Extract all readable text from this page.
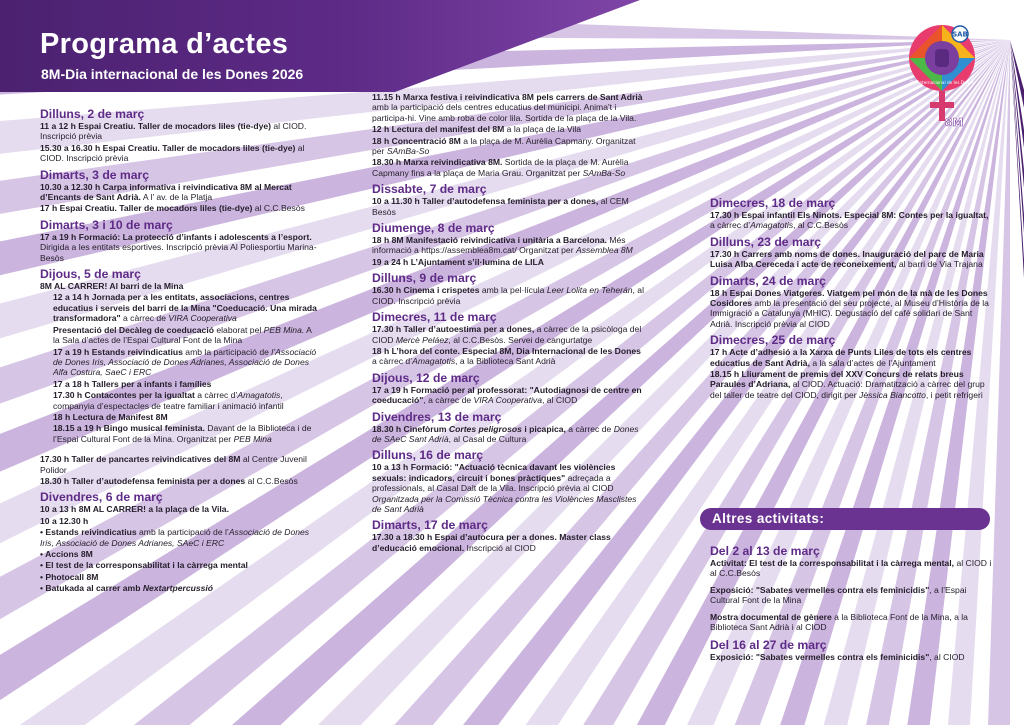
Programa d’actes
8M-Dia internacional de les Dones 2026
SAB
Dia internacional de les Dones
8M
Dilluns, 2 de març
11 a 12 h Espai Creatiu. Taller de mocadors liles (tie-dye) al CIOD. Inscripció prèvia
15.30 a 16.30 h Espai Creatiu. Taller de mocadors liles (tie-dye) al CIOD. Inscripció prèvia
Dimarts, 3 de març
10.30 a 12.30 h Carpa informativa i reivindicativa 8M al Mercat d’Encants de Sant Adrià. A l’ av. de la Platja
17 h Espai Creatiu. Taller de mocadors liles (tie-dye) al C.C.Besòs
Dimarts, 3 i 10 de març
17 a 19 h Formació: La protecció d’infants i adolescents a l’esport. Dirigida a les entitats esportives. Inscripció prèvia Al Poliesportiu Marina-Besòs
Dijous, 5 de març
8M AL CARRER! Al barri de la Mina
12 a 14 h Jornada per a les entitats, associacions, centres educatius i serveis del barri de la Mina "Coeducació. Una mirada transformadora" a càrrec de VIRA Cooperativa
Presentació del Decàleg de coeducació elaborat pel PEB Mina. A la Sala d’actes de l’Espai Cultural Font de la Mina
17 a 19 h Estands reivindicatius amb la participació de l’Associació de Dones Iris, Associació de Dones Adrianes, Associació de Dones Alfa Costura, SaeC i ERC
17 a 18 h Tallers per a infants i famílies
17.30 h Contacontes per la igualtat a càrrec d’Amagatotis, companyia d’espectacles de teatre familiar i animació infantil
18 h Lectura de Manifest 8M
18.15 a 19 h Bingo musical feminista. Davant de la Biblioteca i de l’Espai Cultural Font de la Mina. Organitzat per PEB Mina
17.30 h Taller de pancartes reivindicatives del 8M al Centre Juvenil Polidor
18.30 h Taller d’autodefensa feminista per a dones al C.C.Besòs
Divendres, 6 de març
10 a 13 h 8M AL CARRER! a la plaça de la Vila.
10 a 12.30 h
• Estands reivindicatius amb la participació de l’Associació de Dones Iris, Associació de Dones Adrianes, SAeC i ERC
• Accions 8M
• El test de la corresponsabilitat i la càrrega mental
• Photocall 8M
• Batukada al carrer amb Nextartpercussió
11.15 h Marxa festiva i reivindicativa 8M pels carrers de Sant Adrià amb la participació dels centres educatius del municipi. Anima't i participa-hi. Vine amb roba de color lila. Sortida de la plaça de la Vila.
12 h Lectura del manifest del 8M a la plaça de la Vila
18 h Concentració 8M a la plaça de M. Aurèlia Capmany. Organitzat per SAmBa-So
18.30 h Marxa reivindicativa 8M. Sortida de la plaça de M. Aurèlia Capmany fins a la plaça de Maria Grau. Organitzat per SAmBa-So
Dissabte, 7 de març
10 a 11.30 h Taller d’autodefensa feminista per a dones, al CEM Besòs
Diumenge, 8 de març
18 h 8M Manifestació reivindicativa i unitària a Barcelona. Més informació a https://assemblea8m.cat/ Organitzat per Assemblea 8M
19 a 24 h L’Ajuntament s’il·lumina de LILA
Dilluns, 9 de març
16.30 h Cinema i crispetes amb la pel·lícula Leer Lolita en Teherán, al CIOD. Inscripció prèvia
Dimecres, 11 de març
17.30 h Taller d’autoestima per a dones, a càrrec de la psicòloga del CIOD Mercè Peláez, al C.C.Besòs. Servei de cangurtatge
18 h L’hora del conte. Especial 8M, Dia Internacional de les Dones a càrrec d’Amagatotis, a la Biblioteca Sant Adrià
Dijous, 12 de març
17 a 19 h Formació per al professorat: "Autodiagnosi de centre en coeducació", a càrrec de VIRA Cooperativa, al CIOD
Divendres, 13 de març
18.30 h Cinefòrum Cortes peligrosos i picapica, a càrrec de Dones de SAeC Sant Adrià, al Casal de Cultura
Dilluns, 16 de març
10 a 13 h Formació: "Actuació tècnica davant les violències sexuals: indicadors, circuit i bones pràctiques" adreçada a professionals, al Casal Dalt de la Vila. Inscripció prèvia al CIOD Organitzada per la Comissió Tècnica contra les Violències Masclistes de Sant Adrià
Dimarts, 17 de març
17.30 a 18.30 h Espai d’autocura per a dones. Master class d’educació emocional. Inscripció al CIOD
Dimecres, 18 de març
17.30 h Espai infantil Els Ninots. Especial 8M: Contes per la igualtat, a càrrec d’Amagatotis, al C.C.Besòs
Dilluns, 23 de març
17.30 h Carrers amb noms de dones. Inauguració del parc de Maria Luisa Alba Cereceda i acte de reconeixement, al barri de Via Trajana
Dimarts, 24 de març
18 h Espai Dones Viatgeres. Viatgem pel món de la mà de les Dones Cosidores amb la presentació del seu projecte, al Museu d’Història de la Immigració a Catalunya (MHIC). Degustació del cafè solidari de Sant Adrià. Inscripció prèvia al CIOD
Dimecres, 25 de març
17 h Acte d’adhesió a la Xarxa de Punts Liles de tots els centres educatius de Sant Adrià, a la sala d’actes de l’Ajuntament
18.15 h Lliurament de premis del XXV Concurs de relats breus Paraules d’Adriana, al CIOD. Actuació: Dramatització a càrrec del grup del taller de teatre del CIOD, dirigit per Jèssica Biancotto, i petit refrigeri
Altres activitats:
Del 2 al 13 de març
Activitat: El test de la corresponsabilitat i la càrrega mental, al CIOD i al C.C.Besòs
Exposició: "Sabates vermelles contra els feminicidis", a l’Espai Cultural Font de la Mina
Mostra documental de gènere a la Biblioteca Font de la Mina, a la Biblioteca Sant Adrià i al CIOD
Del 16 al 27 de març
Exposició: "Sabates vermelles contra els feminicidis", al CIOD
